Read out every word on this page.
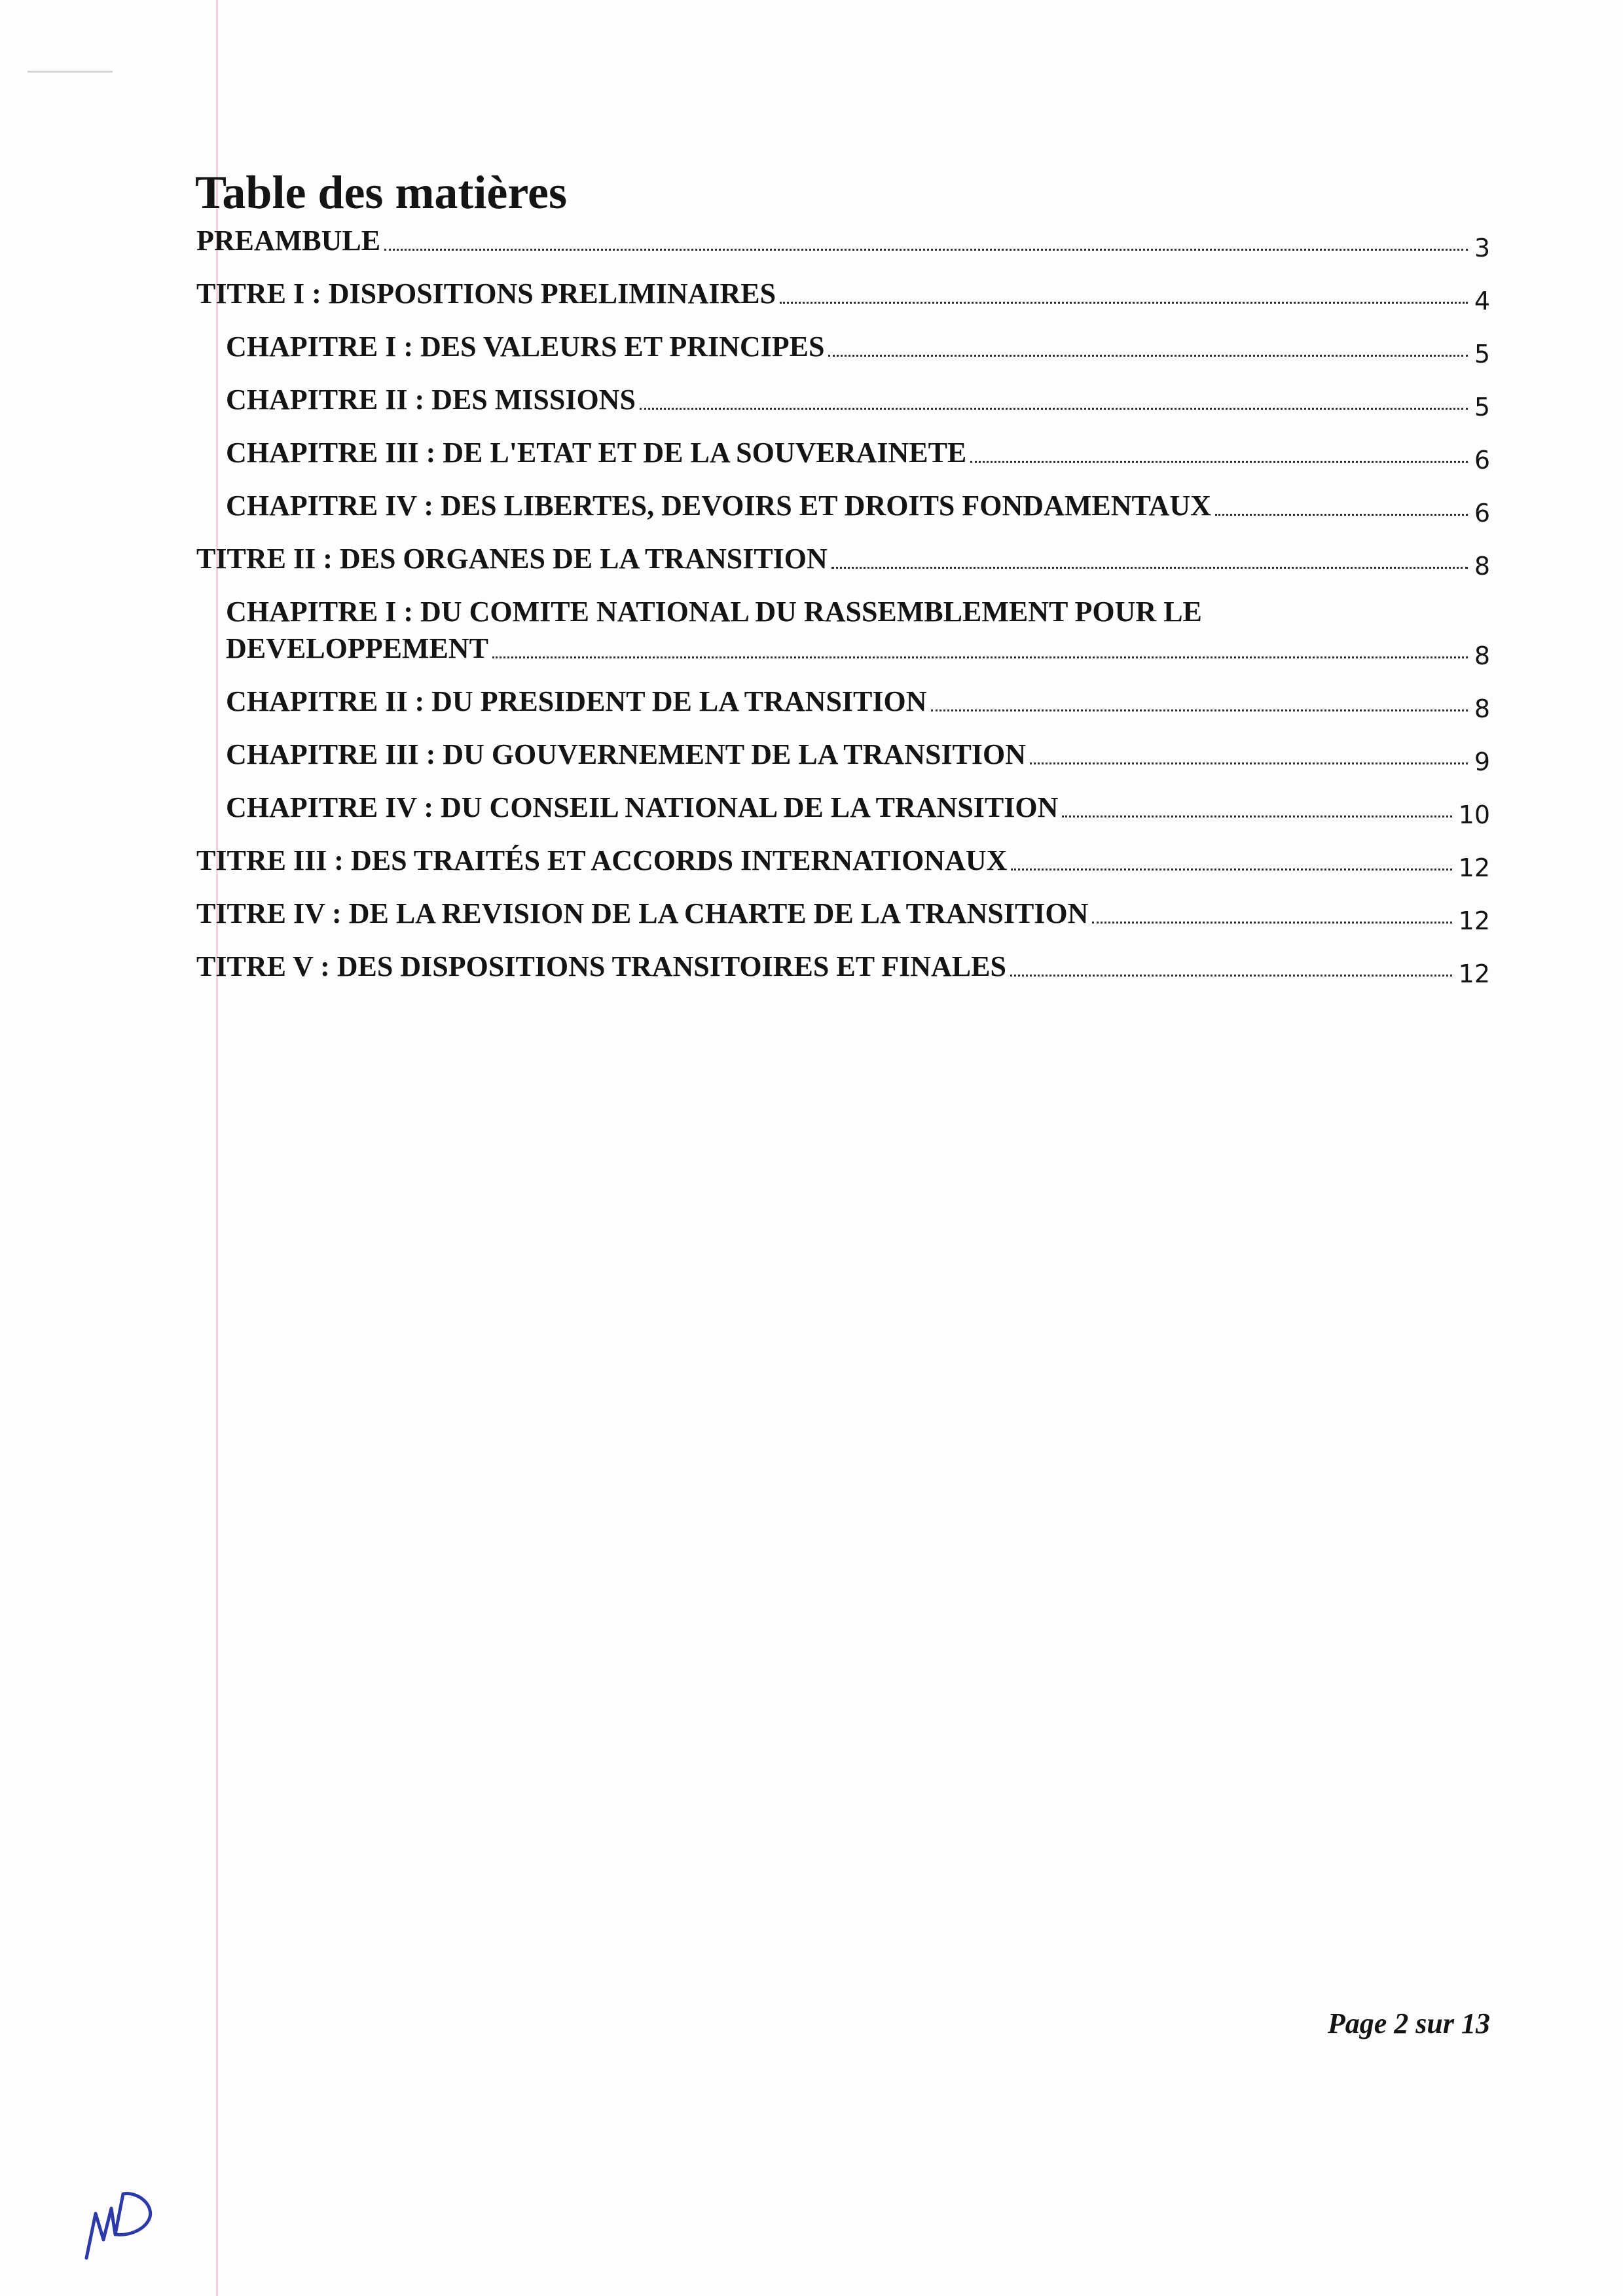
Table des matières
PREAMBULE	3
TITRE I : DISPOSITIONS PRELIMINAIRES	4
CHAPITRE I : DES VALEURS ET PRINCIPES	5
CHAPITRE II : DES MISSIONS	5
CHAPITRE III : DE L'ETAT ET DE LA SOUVERAINETE	6
CHAPITRE IV : DES LIBERTES, DEVOIRS ET DROITS FONDAMENTAUX	6
TITRE II : DES ORGANES DE LA TRANSITION	8
CHAPITRE I : DU COMITE NATIONAL DU RASSEMBLEMENT POUR LE
DEVELOPPEMENT	8
CHAPITRE II : DU PRESIDENT DE LA TRANSITION	8
CHAPITRE III : DU GOUVERNEMENT DE LA TRANSITION	9
CHAPITRE IV : DU CONSEIL NATIONAL DE LA TRANSITION	10
TITRE III : DES TRAITÉS ET ACCORDS INTERNATIONAUX	12
TITRE IV : DE LA REVISION DE LA CHARTE DE LA TRANSITION	12
TITRE V : DES DISPOSITIONS TRANSITOIRES ET FINALES	12

Page 2 sur 13
